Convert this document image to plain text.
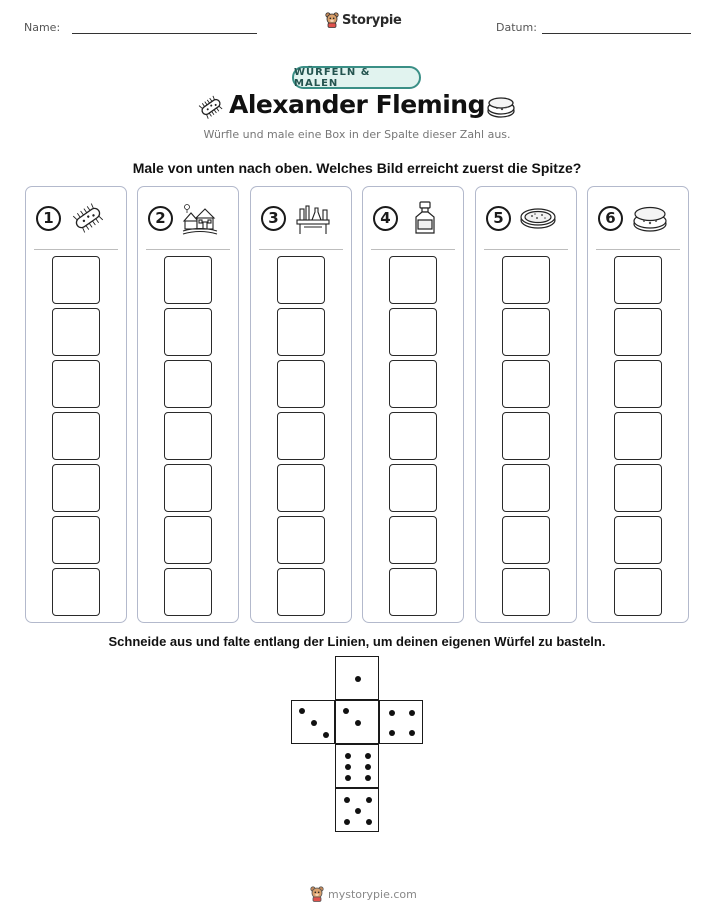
Name:	Storypie	Datum:
WÜRFELN & MALEN
Alexander Fleming
Würfle und male eine Box in der Spalte dieser Zahl aus.
Male von unten nach oben. Welches Bild erreicht zuerst die Spitze?
1	2	3	4	5	6
Schneide aus und falte entlang der Linien, um deinen eigenen Würfel zu basteln.
mystorypie.com
